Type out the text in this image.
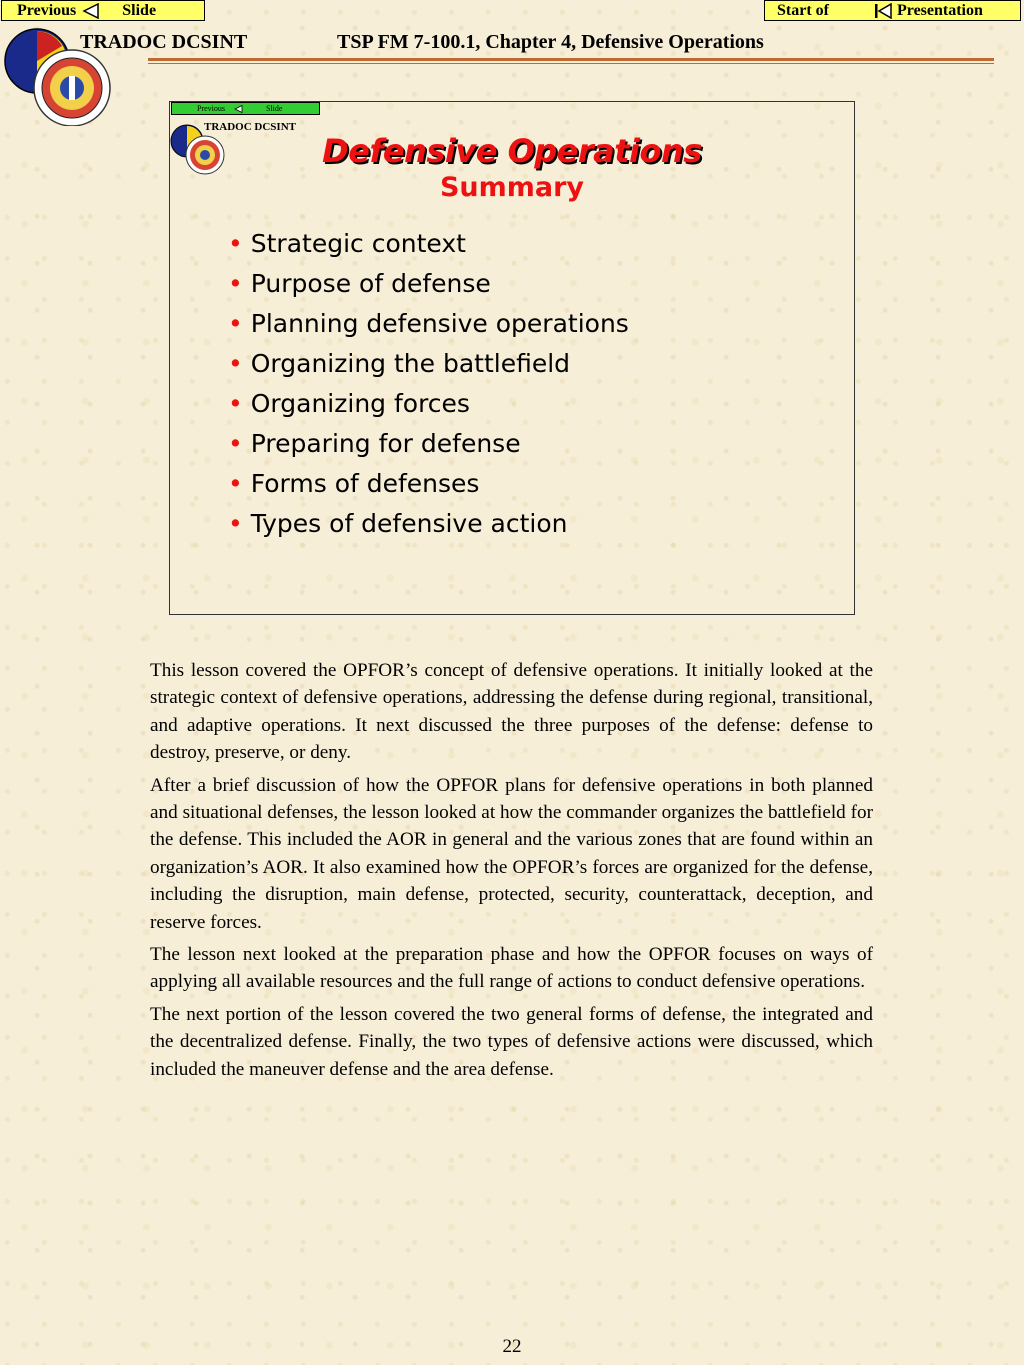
Previous	Slide	Start of	Presentation
TRADOC DCSINT	TSP FM 7-100.1, Chapter 4, Defensive Operations
Previous	Slide
TRADOC DCSINT
Defensive Operations
Summary
• Strategic context
• Purpose of defense
• Planning defensive operations
• Organizing the battlefield
• Organizing forces
• Preparing for defense
• Forms of defenses
• Types of defensive action

This lesson covered the OPFOR’s concept of defensive operations. It initially looked at the strategic context of defensive operations, addressing the defense during regional, transitional, and adaptive operations. It next discussed the three purposes of the defense: defense to destroy, preserve, or deny.

After a brief discussion of how the OPFOR plans for defensive operations in both planned and situational defenses, the lesson looked at how the commander organizes the battlefield for the defense. This included the AOR in general and the various zones that are found within an organization’s AOR. It also examined how the OPFOR’s forces are organized for the defense, including the disruption, main defense, protected, security, counterattack, deception, and reserve forces.

The lesson next looked at the preparation phase and how the OPFOR focuses on ways of applying all available resources and the full range of actions to conduct defensive operations.

The next portion of the lesson covered the two general forms of defense, the integrated and the decentralized defense. Finally, the two types of defensive actions were discussed, which included the maneuver defense and the area defense.

22
